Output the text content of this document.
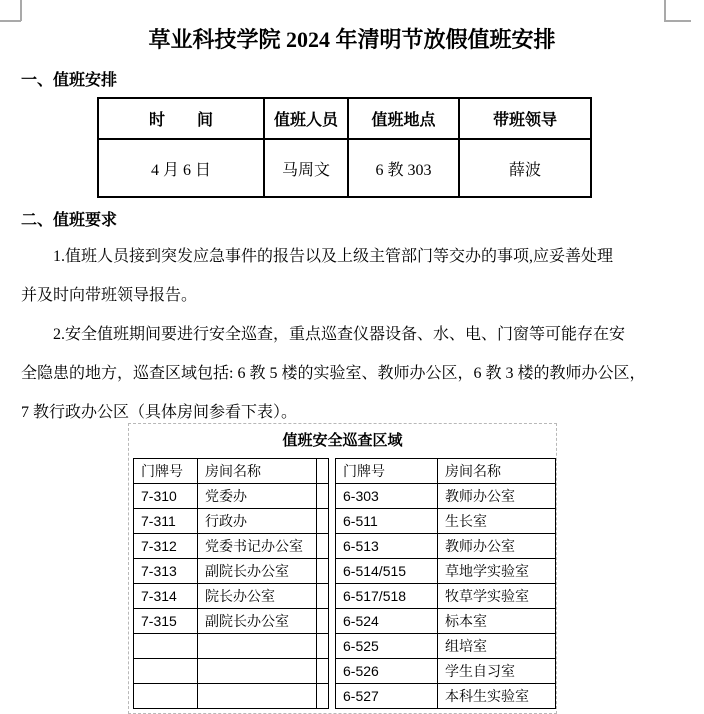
草业科技学院 2024 年清明节放假值班安排
一、值班安排
时　　间	值班人员	值班地点	带班领导
4 月 6 日	马周文	6 教 303	薛波
二、值班要求
1.值班人员接到突发应急事件的报告以及上级主管部门等交办的事项,应妥善处理
并及时向带班领导报告。
2.安全值班期间要进行安全巡查，重点巡查仪器设备、水、电、门窗等可能存在安
全隐患的地方，巡查区域包括: 6 教 5 楼的实验室、教师办公区，6 教 3 楼的教师办公区，
7 教行政办公区（具体房间参看下表）。
值班安全巡查区域
门牌号	房间名称	
7-310	党委办	
7-311	行政办	
7-312	党委书记办公室	
7-313	副院长办公室	
7-314	院长办公室	
7-315	副院长办公室	

门牌号	房间名称
6-303	教师办公室
6-511	生长室
6-513	教师办公室
6-514/515	草地学实验室
6-517/518	牧草学实验室
6-524	标本室
6-525	组培室
6-526	学生自习室
6-527	本科生实验室
